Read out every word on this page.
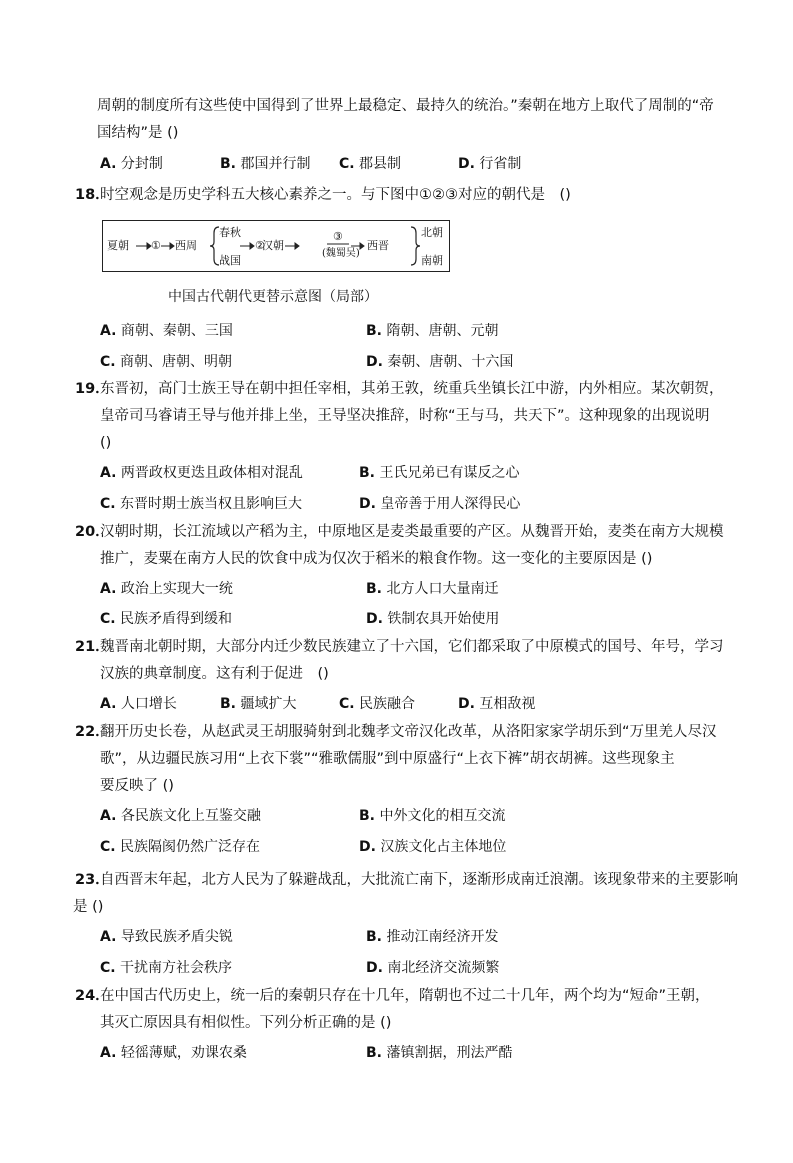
周朝的制度所有这些使中国得到了世界上最稳定、最持久的统治。”秦朝在地方上取代了周制的“帝
国结构”是 ()
A. 分封制	B. 郡国并行制 C. 郡县制	D. 行省制
18．
时空观念是历史学科五大核心素养之一。与下图中①②③对应的朝代是　()
夏朝 ① 西周
春秋
战国
②
汉朝
③
(魏蜀吴)
西晋
北朝
南朝
中国古代朝代更替示意图（局部）
A. 商朝、秦朝、三国	B. 隋朝、唐朝、元朝
C. 商朝、唐朝、明朝	D. 秦朝、唐朝、十六国
19．
东晋初，高门士族王导在朝中担任宰相，其弟王敦，统重兵坐镇长江中游，内外相应。某次朝贺，
皇帝司马睿请王导与他并排上坐，王导坚决推辞，时称“王与马，共天下”。这种现象的出现说明
()
A. 两晋政权更迭且政体相对混乱	B. 王氏兄弟已有谋反之心
C. 东晋时期士族当权且影响巨大	D. 皇帝善于用人深得民心
20．
汉朝时期，长江流域以产稻为主，中原地区是麦类最重要的产区。从魏晋开始，麦类在南方大规模
推广，麦粟在南方人民的饮食中成为仅次于稻米的粮食作物。这一变化的主要原因是 ()
A. 政治上实现大一统	B. 北方人口大量南迁
C. 民族矛盾得到缓和	D. 铁制农具开始使用
21．
魏晋南北朝时期，大部分内迁少数民族建立了十六国，它们都采取了中原模式的国号、年号，学习
汉族的典章制度。这有利于促进　()
A. 人口增长	B. 疆域扩大	C. 民族融合	D. 互相敌视
22．
翻开历史长卷，从赵武灵王胡服骑射到北魏孝文帝汉化改革，从洛阳家家学胡乐到“万里羌人尽汉
歌”，从边疆民族习用“上衣下裳”“雅歌儒服”到中原盛行“上衣下裤”胡衣胡裤。这些现象主
要反映了 ()
A. 各民族文化上互鉴交融	B. 中外文化的相互交流
C. 民族隔阂仍然广泛存在	D. 汉族文化占主体地位
23．
自西晋末年起，北方人民为了躲避战乱，大批流亡南下，逐渐形成南迁浪潮。该现象带来的主要影响
是 ()
A. 导致民族矛盾尖锐	B. 推动江南经济开发
C. 干扰南方社会秩序	D. 南北经济交流频繁
24．
在中国古代历史上，统一后的秦朝只存在十几年，隋朝也不过二十几年，两个均为“短命”王朝，
其灭亡原因具有相似性。下列分析正确的是 ()
A. 轻徭薄赋，劝课农桑	B. 藩镇割据，刑法严酷
